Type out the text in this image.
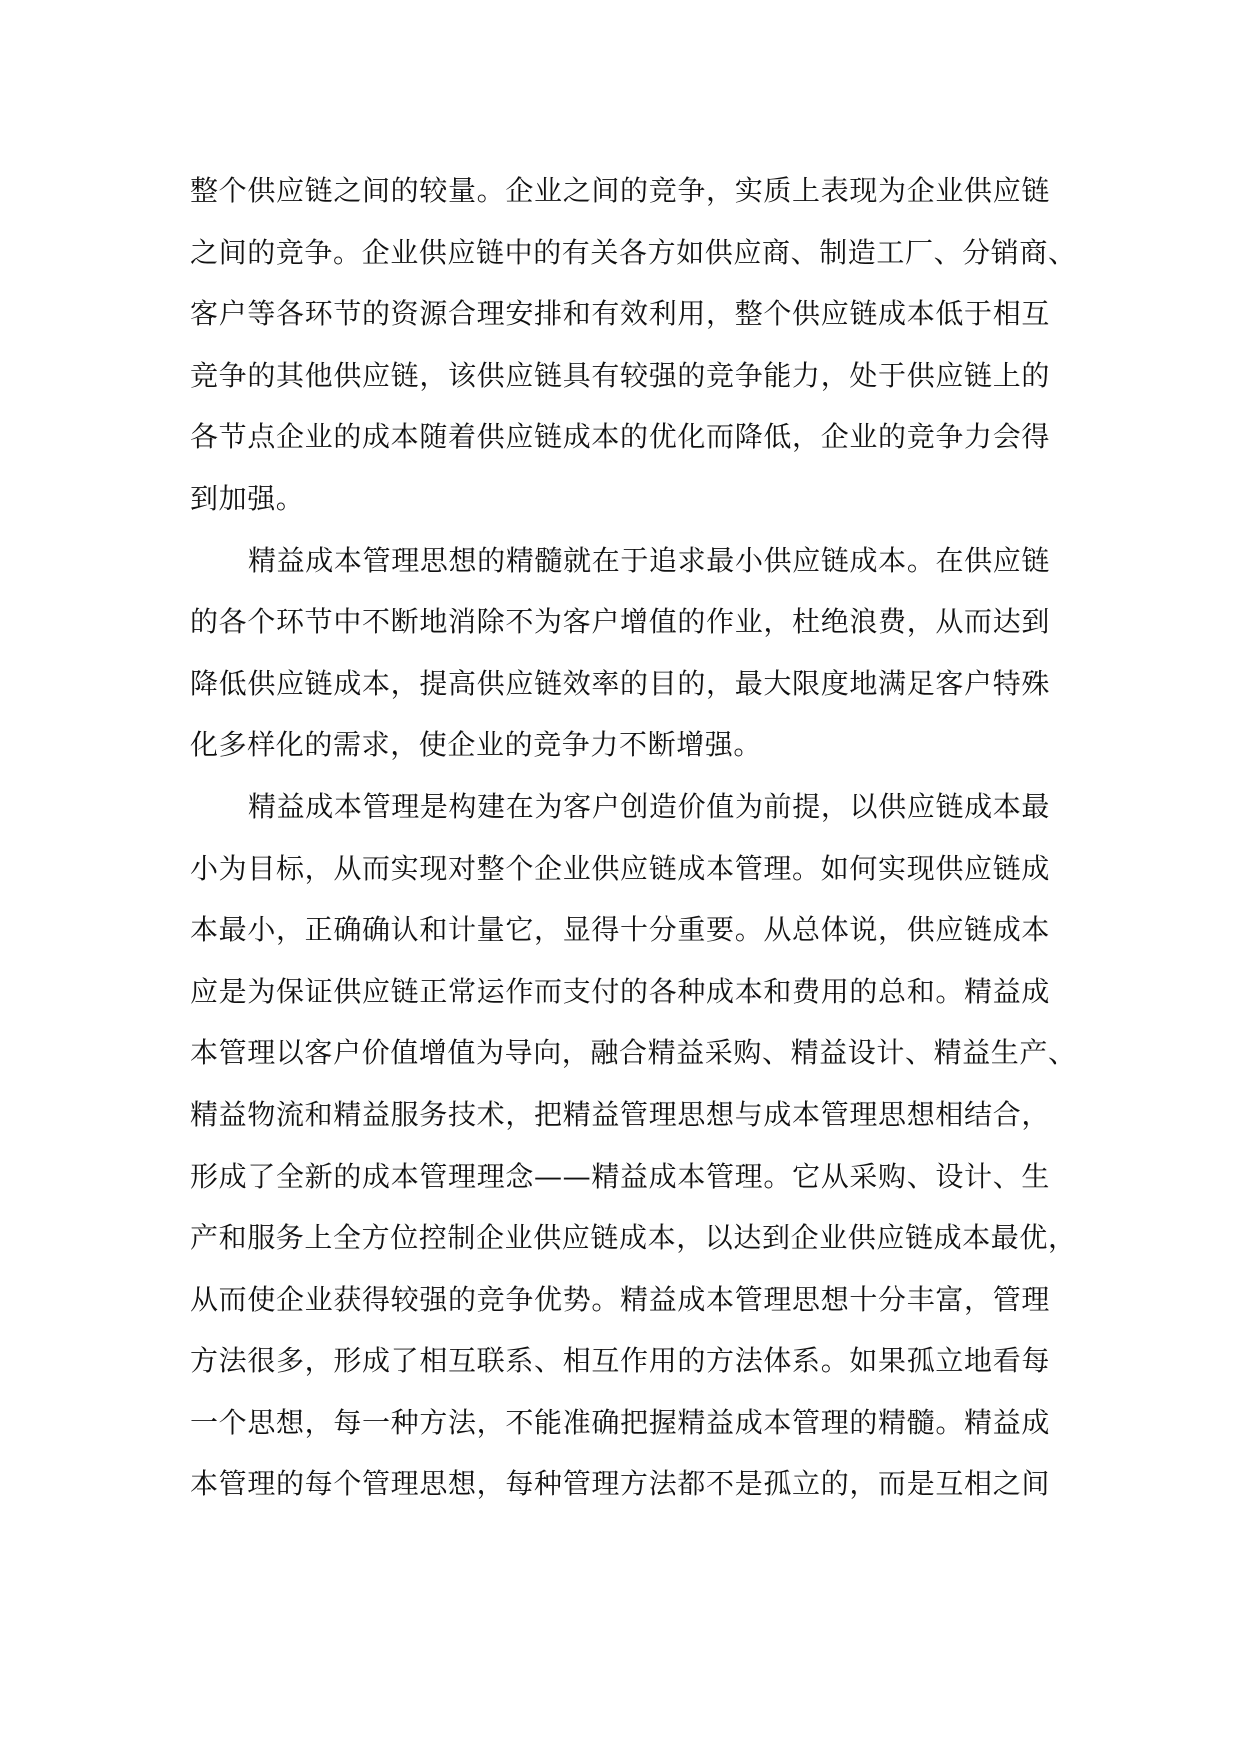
整个供应链之间的较量。企业之间的竞争，实质上表现为企业供应链
之间的竞争。企业供应链中的有关各方如供应商、制造工厂、分销商、
客户等各环节的资源合理安排和有效利用，整个供应链成本低于相互
竞争的其他供应链，该供应链具有较强的竞争能力，处于供应链上的
各节点企业的成本随着供应链成本的优化而降低，企业的竞争力会得
到加强。
精益成本管理思想的精髓就在于追求最小供应链成本。在供应链
的各个环节中不断地消除不为客户增值的作业，杜绝浪费，从而达到
降低供应链成本，提高供应链效率的目的，最大限度地满足客户特殊
化多样化的需求，使企业的竞争力不断增强。
精益成本管理是构建在为客户创造价值为前提，以供应链成本最
小为目标，从而实现对整个企业供应链成本管理。如何实现供应链成
本最小，正确确认和计量它，显得十分重要。从总体说，供应链成本
应是为保证供应链正常运作而支付的各种成本和费用的总和。精益成
本管理以客户价值增值为导向，融合精益采购、精益设计、精益生产、
精益物流和精益服务技术，把精益管理思想与成本管理思想相结合，
形成了全新的成本管理理念——精益成本管理。它从采购、设计、生
产和服务上全方位控制企业供应链成本，以达到企业供应链成本最优，
从而使企业获得较强的竞争优势。精益成本管理思想十分丰富，管理
方法很多，形成了相互联系、相互作用的方法体系。如果孤立地看每
一个思想，每一种方法，不能准确把握精益成本管理的精髓。精益成
本管理的每个管理思想，每种管理方法都不是孤立的，而是互相之间
